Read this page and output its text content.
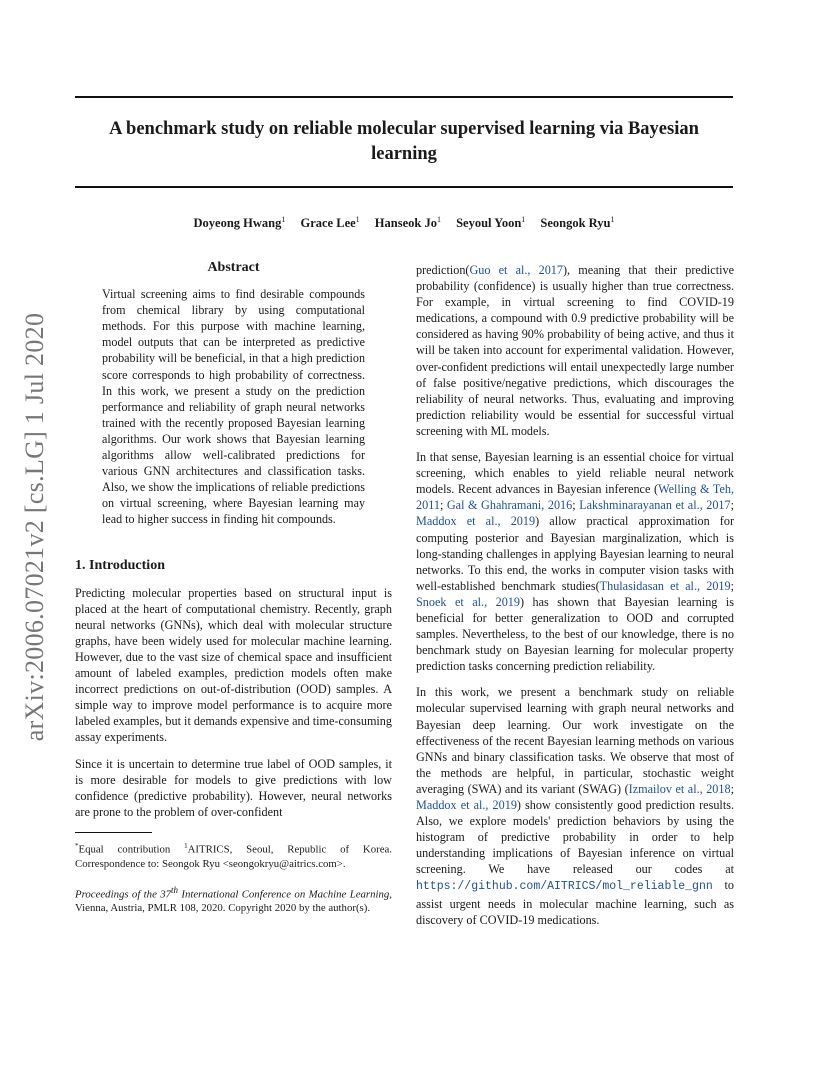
A benchmark study on reliable molecular supervised learning via Bayesian learning
Doyeong Hwang$^1$ Grace Lee$^1$ Hanseok Jo$^1$ Seyoul Yoon$^1$ Seongok Ryu$^1$
arXiv:2006.07021v2 [cs.LG] 1 Jul 2020
Abstract
Virtual screening aims to find desirable compounds from chemical library by using computational methods. For this purpose with machine learning, model outputs that can be interpreted as predictive probability will be beneficial, in that a high prediction score corresponds to high probability of correctness. In this work, we present a study on the prediction performance and reliability of graph neural networks trained with the recently proposed Bayesian learning algorithms. Our work shows that Bayesian learning algorithms allow well-calibrated predictions for various GNN architectures and classification tasks. Also, we show the implications of reliable predictions on virtual screening, where Bayesian learning may lead to higher success in finding hit compounds.
1. Introduction

Predicting molecular properties based on structural input is placed at the heart of computational chemistry. Recently, graph neural networks (GNNs), which deal with molecular structure graphs, have been widely used for molecular machine learning. However, due to the vast size of chemical space and insufficient amount of labeled examples, prediction models often make incorrect predictions on out-of-distribution (OOD) samples. A simple way to improve model performance is to acquire more labeled examples, but it demands expensive and time-consuming assay experiments.

Since it is uncertain to determine true label of OOD samples, it is more desirable for models to give predictions with low confidence (predictive probability). However, neural networks are prone to the problem of over-confident

*Equal contribution $^1$AITRICS, Seoul, Republic of Korea. Correspondence to: Seongok Ryu <seongokryu@aitrics.com>.
Proceedings of the 37th International Conference on Machine Learning, Vienna, Austria, PMLR 108, 2020. Copyright 2020 by the author(s).

prediction(Guo et al., 2017), meaning that their predictive probability (confidence) is usually higher than true correctness. For example, in virtual screening to find COVID-19 medications, a compound with 0.9 predictive probability will be considered as having 90% probability of being active, and thus it will be taken into account for experimental validation. However, over-confident predictions will entail unexpectedly large number of false positive/negative predictions, which discourages the reliability of neural networks. Thus, evaluating and improving prediction reliability would be essential for successful virtual screening with ML models.

In that sense, Bayesian learning is an essential choice for virtual screening, which enables to yield reliable neural network models. Recent advances in Bayesian inference (Welling & Teh, 2011; Gal & Ghahramani, 2016; Lakshminarayanan et al., 2017; Maddox et al., 2019) allow practical approximation for computing posterior and Bayesian marginalization, which is long-standing challenges in applying Bayesian learning to neural networks. To this end, the works in computer vision tasks with well-established benchmark studies(Thulasidasan et al., 2019; Snoek et al., 2019) has shown that Bayesian learning is beneficial for better generalization to OOD and corrupted samples. Nevertheless, to the best of our knowledge, there is no benchmark study on Bayesian learning for molecular property prediction tasks concerning prediction reliability.

In this work, we present a benchmark study on reliable molecular supervised learning with graph neural networks and Bayesian deep learning. Our work investigate on the effectiveness of the recent Bayesian learning methods on various GNNs and binary classification tasks. We observe that most of the methods are helpful, in particular, stochastic weight averaging (SWA) and its variant (SWAG) (Izmailov et al., 2018; Maddox et al., 2019) show consistently good prediction results. Also, we explore models' prediction behaviors by using the histogram of predictive probability in order to help understanding implications of Bayesian inference on virtual screening. We have released our codes at https://github.com/AITRICS/mol_reliable_gnn to assist urgent needs in molecular machine learning, such as discovery of COVID-19 medications.
